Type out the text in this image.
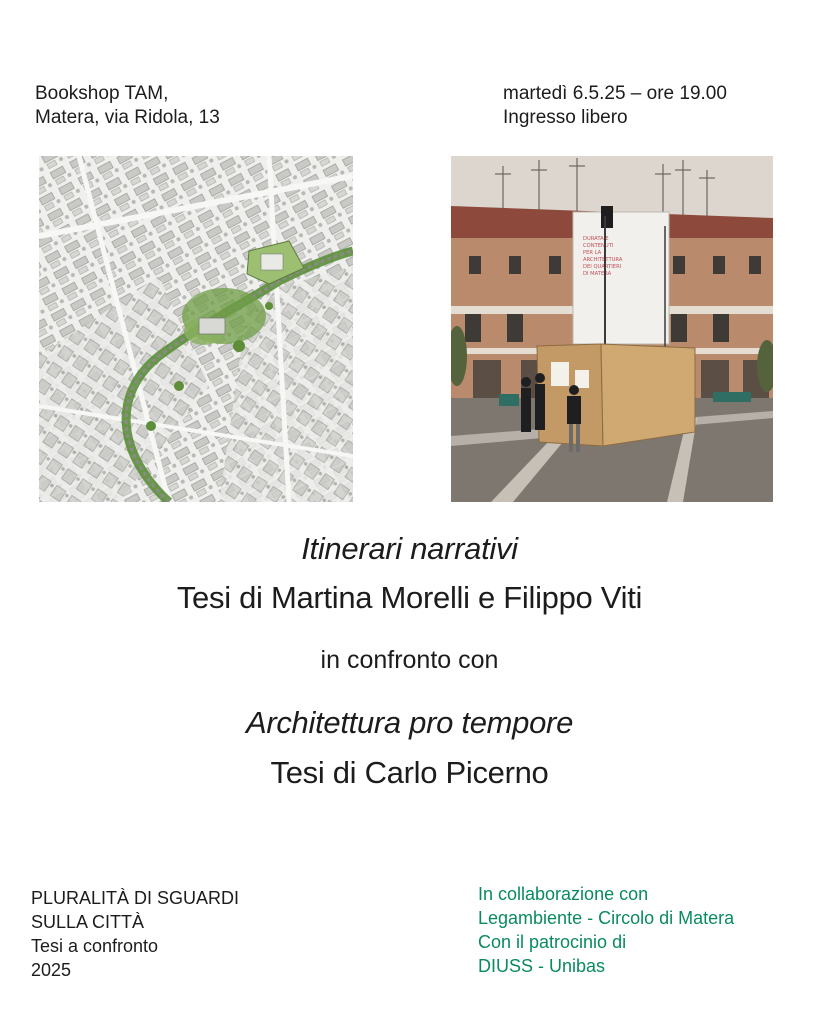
Bookshop TAM,
Matera, via Ridola, 13
martedì 6.5.25 – ore 19.00
Ingresso libero
DURATA E
CONTENUTI
PER LA
ARCHITETTURA
DEI QUARTIERI
DI MATERA
Itinerari narrativi
Tesi di Martina Morelli e Filippo Viti
in confronto con
Architettura pro tempore
Tesi di Carlo Picerno
PLURALITÀ DI SGUARDI
SULLA CITTÀ
Tesi a confronto
2025
In collaborazione con
Legambiente - Circolo di Matera
Con il patrocinio di
DIUSS - Unibas
